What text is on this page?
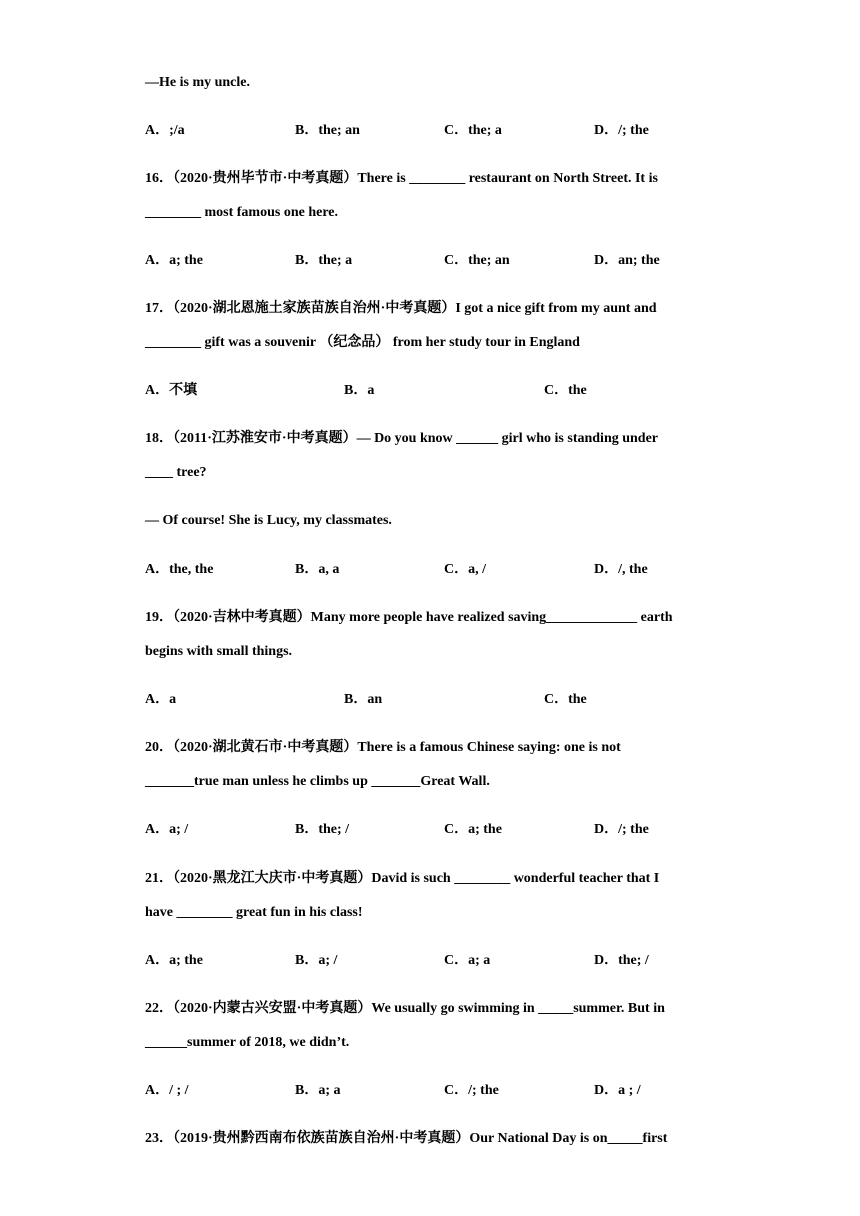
—He is my uncle.
A．;/a	B．the; an	C．the; a	D．/; the
16．（2020·贵州毕节市·中考真题）There is ________ restaurant on North Street. It is
________ most famous one here.
A．a; the	B．the; a	C．the; an	D．an; the
17．（2020·湖北恩施土家族苗族自治州·中考真题）I got a nice gift from my aunt and
________ gift was a souvenir （纪念品） from her study tour in England
A．不填	B．a	C．the
18．（2011·江苏淮安市·中考真题）— Do you know ______ girl who is standing under
____ tree?
— Of course! She is Lucy, my classmates.
A．the, the	B．a, a	C．a, /	D．/, the
19．（2020·吉林中考真题）Many more people have realized saving_____________ earth
begins with small things.
A．a	B．an	C．the
20．（2020·湖北黄石市·中考真题）There is a famous Chinese saying: one is not
_______true man unless he climbs up _______Great Wall.
A．a; /	B．the; /	C．a; the	D．/; the
21．（2020·黑龙江大庆市·中考真题）David is such ________ wonderful teacher that I
have ________ great fun in his class!
A．a; the	B．a; /	C．a; a	D．the; /
22．（2020·内蒙古兴安盟·中考真题）We usually go swimming in _____summer. But in
______summer of 2018, we didn’t.
A．/ ; /	B．a; a	C．/; the	D．a ; /
23．（2019·贵州黔西南布依族苗族自治州·中考真题）Our National Day is on_____first
